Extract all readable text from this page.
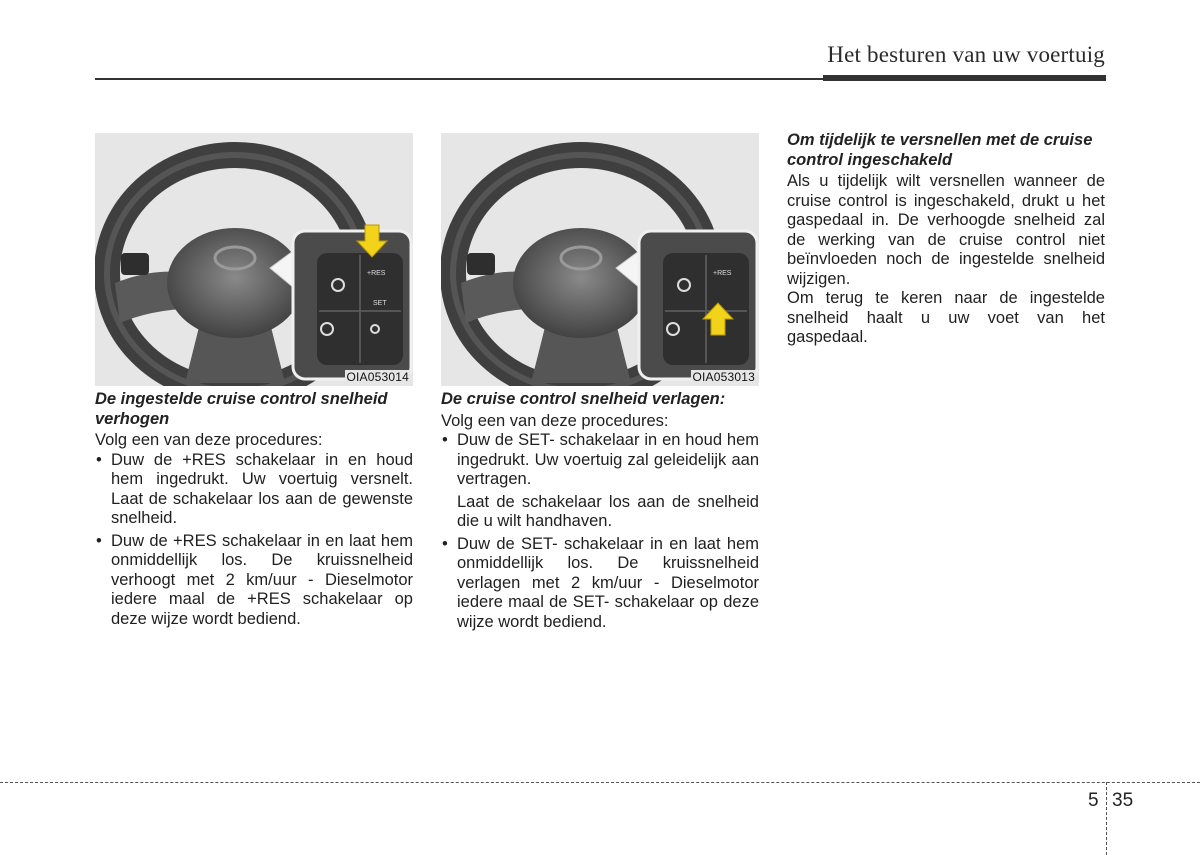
Het besturen van uw voertuig
+RES
SET
OIA053014
De ingestelde cruise control snelheid verhogen

Volg een van deze procedures:

• Duw de +RES schakelaar in en houd hem ingedrukt. Uw voertuig versnelt. Laat de schakelaar los aan de gewenste snelheid.
• Duw de +RES schakelaar in en laat hem onmiddellijk los. De kruissnelheid verhoogt met 2 km/uur - Dieselmotor iedere maal de +RES schakelaar op deze wijze wordt bediend.
+RES
OIA053013
De cruise control snelheid verlagen:

Volg een van deze procedures:

• Duw de SET- schakelaar in en houd hem ingedrukt. Uw voertuig zal geleidelijk aan vertragen.
Laat de schakelaar los aan de snelheid die u wilt handhaven.
• Duw de SET- schakelaar in en laat hem onmiddellijk los. De kruissnelheid verlagen met 2 km/uur - Dieselmotor iedere maal de SET- schakelaar op deze wijze wordt bediend.
Om tijdelijk te versnellen met de cruise control ingeschakeld

Als u tijdelijk wilt versnellen wanneer de cruise control is ingeschakeld, drukt u het gaspedaal in. De verhoogde snelheid zal de werking van de cruise control niet beïnvloeden noch de ingestelde snelheid wijzigen.

Om terug te keren naar de ingestelde snelheid haalt u uw voet van het gaspedaal.

5 35
